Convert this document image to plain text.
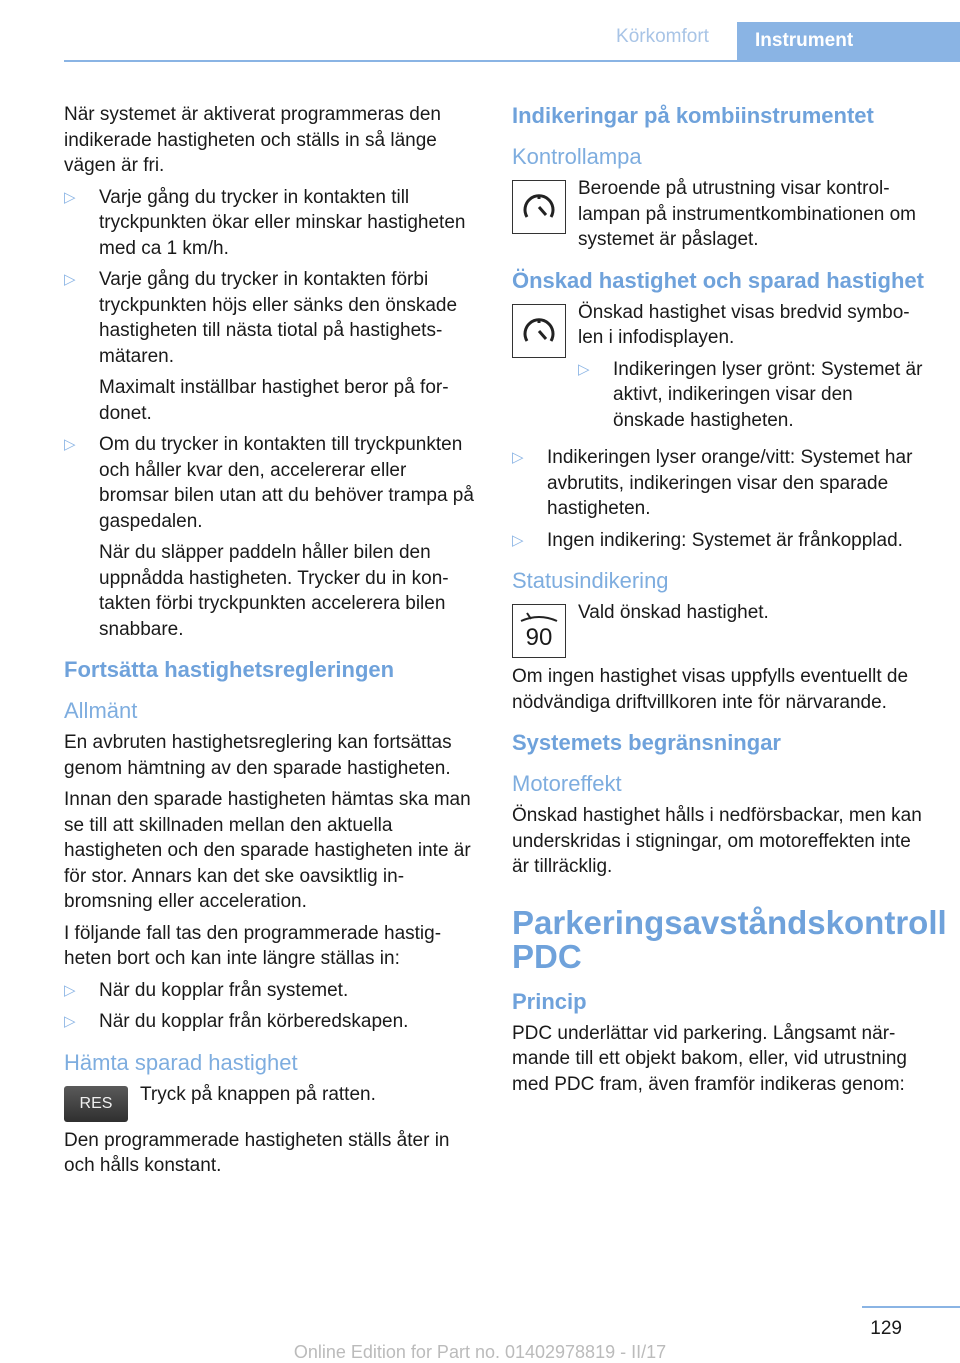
Körkomfort	Instrument

När systemet är aktiverat programmeras den indikerade hastigheten och ställs in så länge vägen är fri.

▷	Varje gång du trycker in kontakten till tryckpunkten ökar eller minskar hastigheten med ca 1 km/h.
▷	Varje gång du trycker in kontakten förbi tryckpunkten höjs eller sänks den önskade hastigheten till nästa tiotal på hastighetsmätaren.
Maximalt inställbar hastighet beror på fordonet.
▷	Om du trycker in kontakten till tryckpunkten och håller kvar den, accelererar eller bromsar bilen utan att du behöver trampa på gaspedalen.
När du släpper paddeln håller bilen den uppnådda hastigheten. Trycker du in kontakten förbi tryckpunkten accelerera bilen snabbare.
Fortsätta hastighetsregleringen
Allmänt

En avbruten hastighetsreglering kan fortsättas genom hämtning av den sparade hastigheten.

Innan den sparade hastigheten hämtas ska man se till att skillnaden mellan den aktuella hastigheten och den sparade hastigheten inte är för stor. Annars kan det ske oavsiktlig inbromsning eller acceleration.

I följande fall tas den programmerade hastigheten bort och kan inte längre ställas in:

▷	När du kopplar från systemet.
▷	När du kopplar från körberedskapen.
Hämta sparad hastighet
RES	Tryck på knappen på ratten.

Den programmerade hastigheten ställs åter in och hålls konstant.

Indikeringar på kombiinstrumentet
Kontrollampa
Beroende på utrustning visar kontrollampan på instrumentkombinationen om systemet är påslaget.
Önskad hastighet och sparad hastighet

Önskad hastighet visas bredvid symbolen i infodisplayen.

▷	Indikeringen lyser grönt: Systemet är aktivt, indikeringen visar den önskade hastigheten.
▷	Indikeringen lyser orange/vitt: Systemet har avbrutits, indikeringen visar den sparade hastigheten.
▷	Ingen indikering: Systemet är frånkopplad.
Statusindikering
90
Vald önskad hastighet.

Om ingen hastighet visas uppfylls eventuellt de nödvändiga driftvillkoren inte för närvarande.

Systemets begränsningar
Motoreffekt

Önskad hastighet hålls i nedförsbackar, men kan underskridas i stigningar, om motoreffekten inte är tillräcklig.

Parkeringsavståndskontroll PDC
Princip

PDC underlättar vid parkering. Långsamt närmande till ett objekt bakom, eller, vid utrustning med PDC fram, även framför indikeras genom:

129
Online Edition for Part no. 01402978819 - II/17
